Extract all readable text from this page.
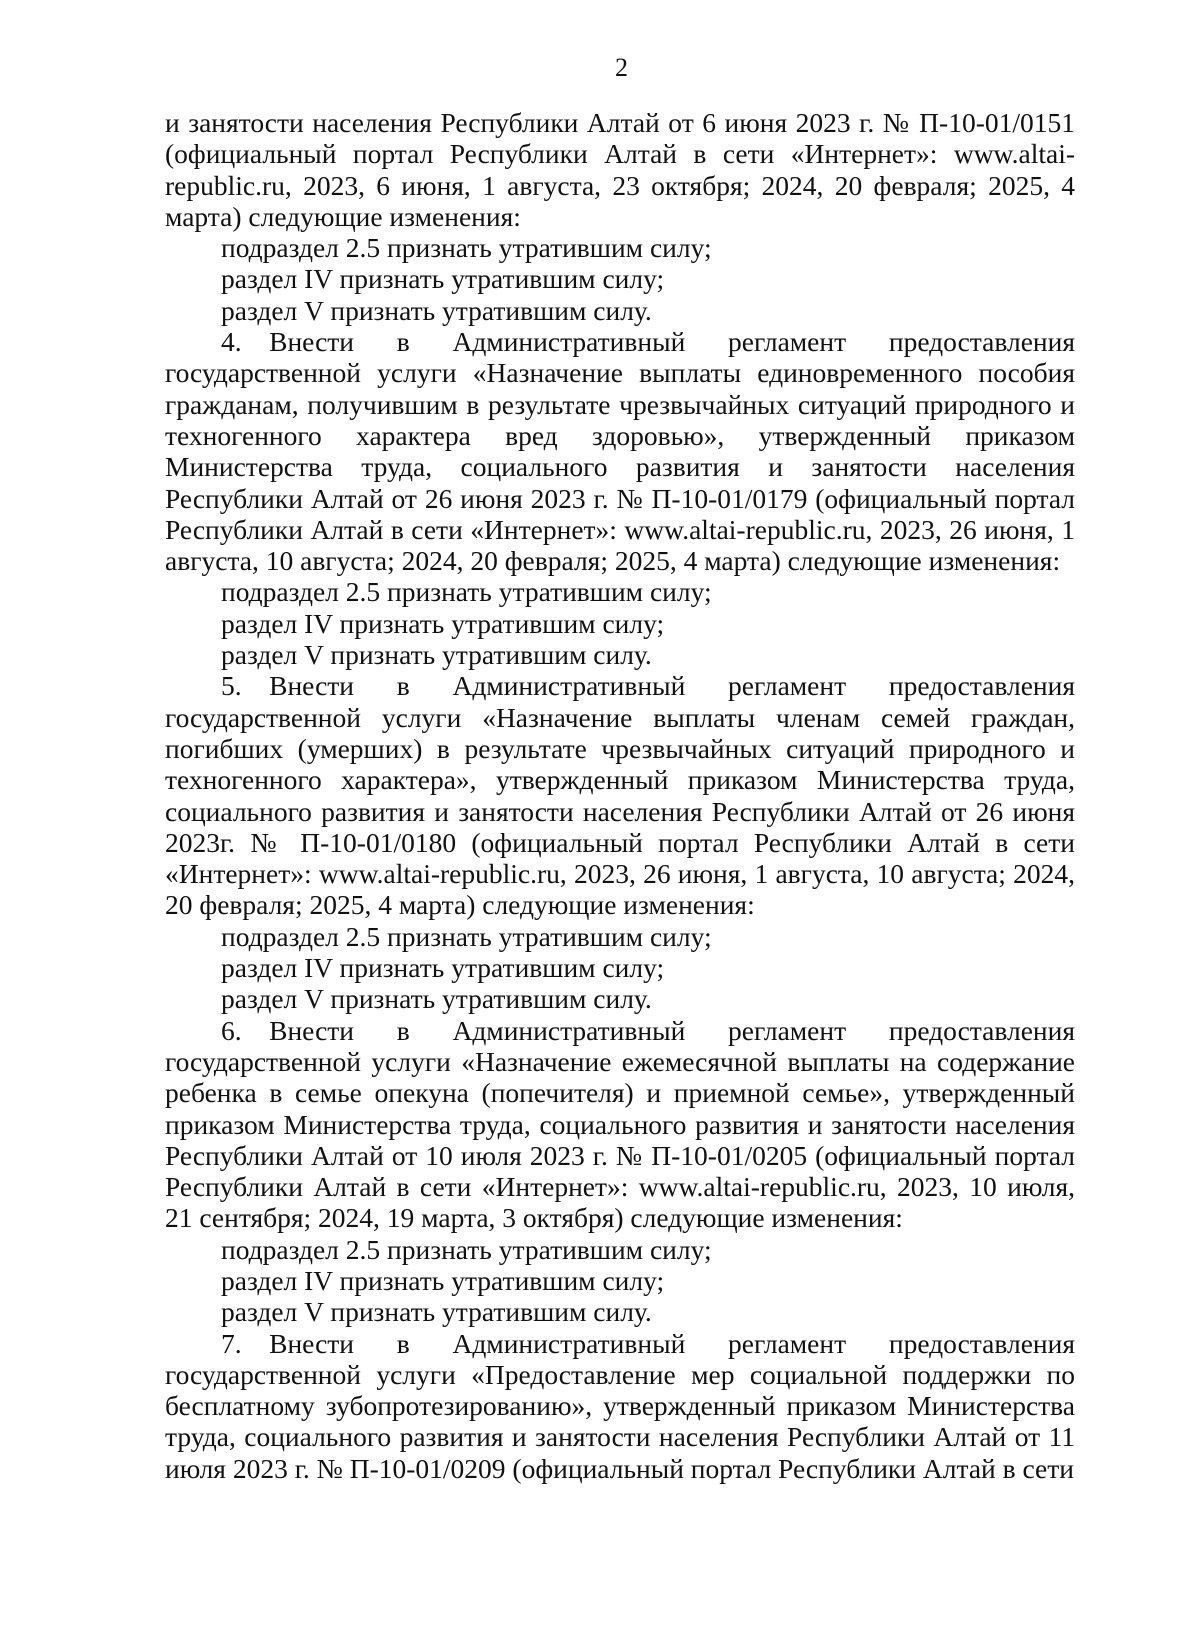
2

и занятости населения Республики Алтай от 6 июня 2023 г. № П-10-01/0151 (официальный портал Республики Алтай в сети «Интернет»: www.altai-republic.ru, 2023, 6 июня, 1 августа, 23 октября; 2024, 20 февраля; 2025, 4 марта) следующие изменения:

подраздел 2.5 признать утратившим силу;

раздел IV признать утратившим силу;

раздел V признать утратившим силу.

4. Внести в Административный регламент предоставления государственной услуги «Назначение выплаты единовременного пособия гражданам, получившим в результате чрезвычайных ситуаций природного и техногенного характера вред здоровью», утвержденный приказом Министерства труда, социального развития и занятости населения Республики Алтай от 26 июня 2023 г. № П-10-01/0179 (официальный портал Республики Алтай в сети «Интернет»: www.altai-republic.ru, 2023, 26 июня, 1 августа, 10 августа; 2024, 20 февраля; 2025, 4 марта) следующие изменения:

подраздел 2.5 признать утратившим силу;

раздел IV признать утратившим силу;

раздел V признать утратившим силу.

5. Внести в Административный регламент предоставления государственной услуги «Назначение выплаты членам семей граждан, погибших (умерших) в результате чрезвычайных ситуаций природного и техногенного характера», утвержденный приказом Министерства труда, социального развития и занятости населения Республики Алтай от 26 июня 2023г. № П-10-01/0180 (официальный портал Республики Алтай в сети «Интернет»: www.altai-republic.ru, 2023, 26 июня, 1 августа, 10 августа; 2024, 20 февраля; 2025, 4 марта) следующие изменения:

подраздел 2.5 признать утратившим силу;

раздел IV признать утратившим силу;

раздел V признать утратившим силу.

6. Внести в Административный регламент предоставления государственной услуги «Назначение ежемесячной выплаты на содержание ребенка в семье опекуна (попечителя) и приемной семье», утвержденный приказом Министерства труда, социального развития и занятости населения Республики Алтай от 10 июля 2023 г. № П-10-01/0205 (официальный портал Республики Алтай в сети «Интернет»: www.altai-republic.ru, 2023, 10 июля, 21 сентября; 2024, 19 марта, 3 октября) следующие изменения:

подраздел 2.5 признать утратившим силу;

раздел IV признать утратившим силу;

раздел V признать утратившим силу.

7. Внести в Административный регламент предоставления государственной услуги «Предоставление мер социальной поддержки по бесплатному зубопротезированию», утвержденный приказом Министерства труда, социального развития и занятости населения Республики Алтай от 11 июля 2023 г. № П-10-01/0209 (официальный портал Республики Алтай в сети
